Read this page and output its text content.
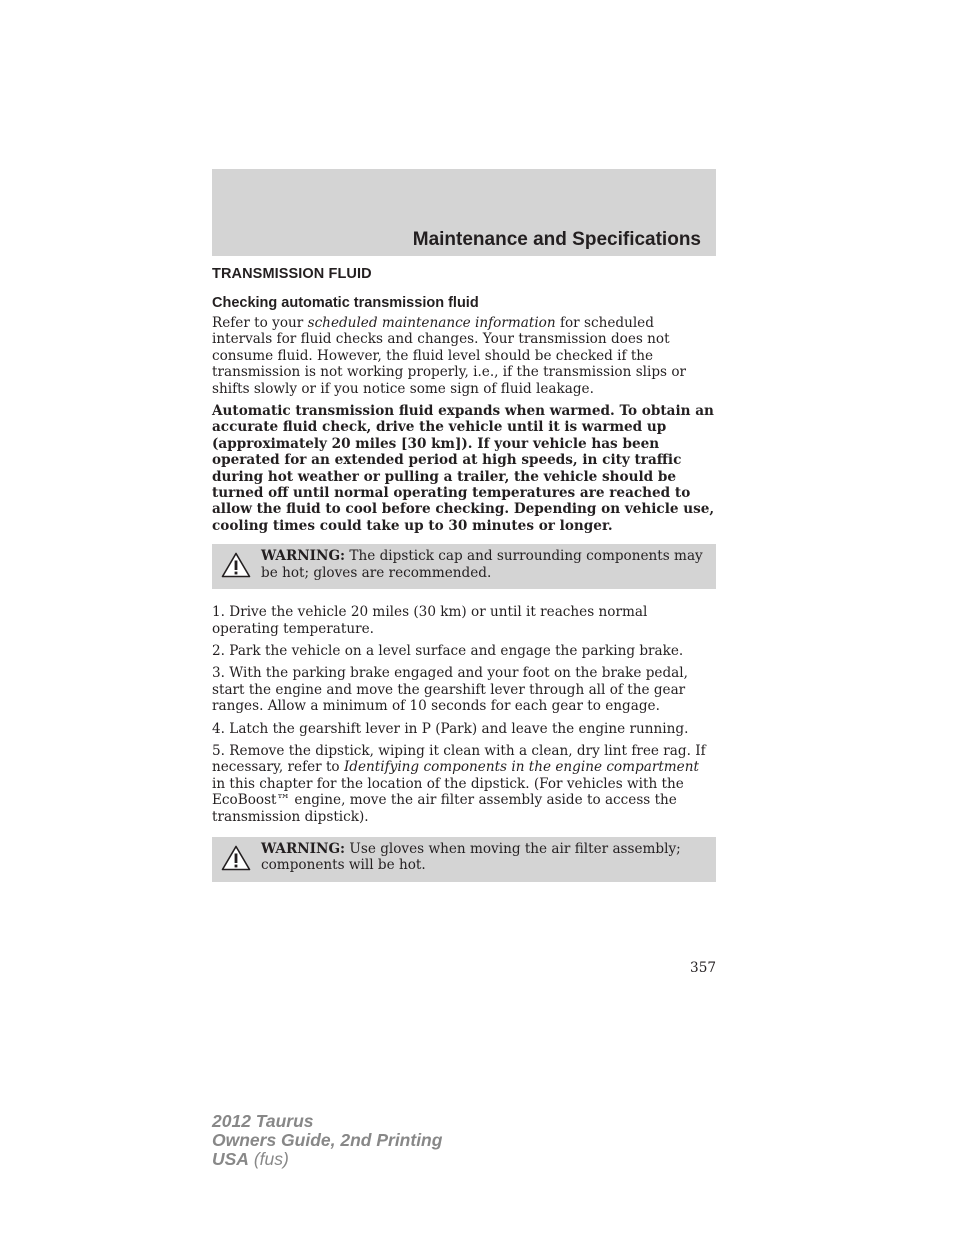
Maintenance and Specifications
TRANSMISSION FLUID
Checking automatic transmission fluid

Refer to your scheduled maintenance information for scheduled intervals for fluid checks and changes. Your transmission does not consume fluid. However, the fluid level should be checked if the transmission is not working properly, i.e., if the transmission slips or shifts slowly or if you notice some sign of fluid leakage.

Automatic transmission fluid expands when warmed. To obtain an accurate fluid check, drive the vehicle until it is warmed up (approximately 20 miles [30 km]). If your vehicle has been operated for an extended period at high speeds, in city traffic during hot weather or pulling a trailer, the vehicle should be turned off until normal operating temperatures are reached to allow the fluid to cool before checking. Depending on vehicle use, cooling times could take up to 30 minutes or longer.

WARNING: The dipstick cap and surrounding components may be hot; gloves are recommended.

1. Drive the vehicle 20 miles (30 km) or until it reaches normal operating temperature.

2. Park the vehicle on a level surface and engage the parking brake.

3. With the parking brake engaged and your foot on the brake pedal, start the engine and move the gearshift lever through all of the gear ranges. Allow a minimum of 10 seconds for each gear to engage.

4. Latch the gearshift lever in P (Park) and leave the engine running.

5. Remove the dipstick, wiping it clean with a clean, dry lint free rag. If necessary, refer to Identifying components in the engine compartment in this chapter for the location of the dipstick. (For vehicles with the EcoBoost™ engine, move the air filter assembly aside to access the transmission dipstick).

WARNING: Use gloves when moving the air filter assembly; components will be hot.

357
2012 Taurus
Owners Guide, 2nd Printing
USA (fus)
